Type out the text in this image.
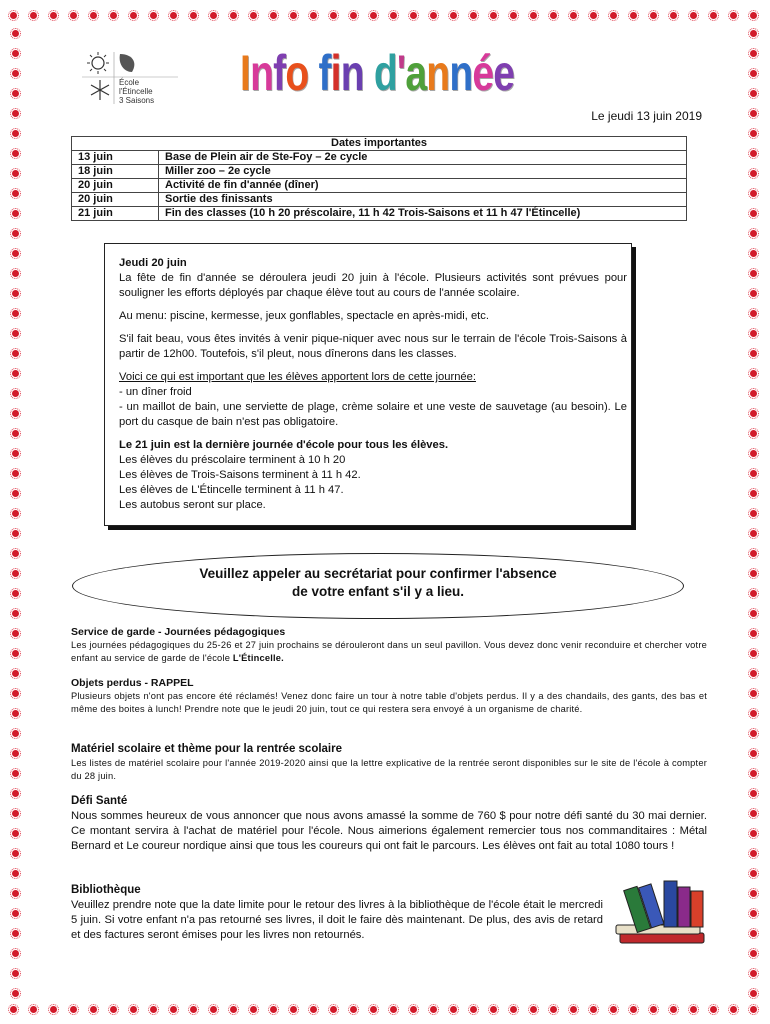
École
l'Étincelle
3 Saisons Info fin d'année
Le jeudi 13 juin 2019
Dates importantes	
13 juin	Base de Plein air de Ste-Foy – 2e cycle
18 juin	Miller zoo – 2e cycle
20 juin	Activité de fin d'année (dîner)
20 juin	Sortie des finissants
21 juin	Fin des classes (10 h 20 préscolaire, 11 h 42 Trois-Saisons et 11 h 47 l'Étincelle)

Jeudi 20 juin
La fête de fin d'année se déroulera jeudi 20 juin à l'école. Plusieurs activités sont prévues pour souligner les efforts déployés par chaque élève tout au cours de l'année scolaire.

Au menu: piscine, kermesse, jeux gonflables, spectacle en après-midi, etc.

S'il fait beau, vous êtes invités à venir pique-niquer avec nous sur le terrain de l'école Trois-Saisons à partir de 12h00. Toutefois, s'il pleut, nous dînerons dans les classes.

Voici ce qui est important que les élèves apportent lors de cette journée:
- un dîner froid
- un maillot de bain, une serviette de plage, crème solaire et une veste de sauvetage (au besoin). Le port du casque de bain n'est pas obligatoire.

Le 21 juin est la dernière journée d'école pour tous les élèves.
Les élèves du préscolaire terminent à 10 h 20
Les élèves de Trois-Saisons terminent à 11 h 42.
Les élèves de L'Étincelle terminent à 11 h 47.
Les autobus seront sur place.

Veuillez appeler au secrétariat pour confirmer l'absence
de votre enfant s'il y a lieu.
Service de garde - Journées pédagogiques

Les journées pédagogiques du 25-26 et 27 juin prochains se dérouleront dans un seul pavillon. Vous devez donc venir reconduire et chercher votre enfant au service de garde de l'école L'Étincelle.

Objets perdus - RAPPEL

Plusieurs objets n'ont pas encore été réclamés! Venez donc faire un tour à notre table d'objets perdus. Il y a des chandails, des gants, des bas et même des boites à lunch! Prendre note que le jeudi 20 juin, tout ce qui restera sera envoyé à un organisme de charité.

Matériel scolaire et thème pour la rentrée scolaire

Les listes de matériel scolaire pour l'année 2019-2020 ainsi que la lettre explicative de la rentrée seront disponibles sur le site de l'école à compter du 28 juin.

Défi Santé

Nous sommes heureux de vous annoncer que nous avons amassé la somme de 760 $ pour notre défi santé du 30 mai dernier. Ce montant servira à l'achat de matériel pour l'école. Nous aimerions également remercier tous nos commanditaires : Métal Bernard et Le coureur nordique ainsi que tous les coureurs qui ont fait le parcours. Les élèves ont fait au total 1080 tours !

Bibliothèque

Veuillez prendre note que la date limite pour le retour des livres à la bibliothèque de l'école était le mercredi 5 juin. Si votre enfant n'a pas retourné ses livres, il doit le faire dès maintenant. De plus, des avis de retard et des factures seront émises pour les livres non retournés.
